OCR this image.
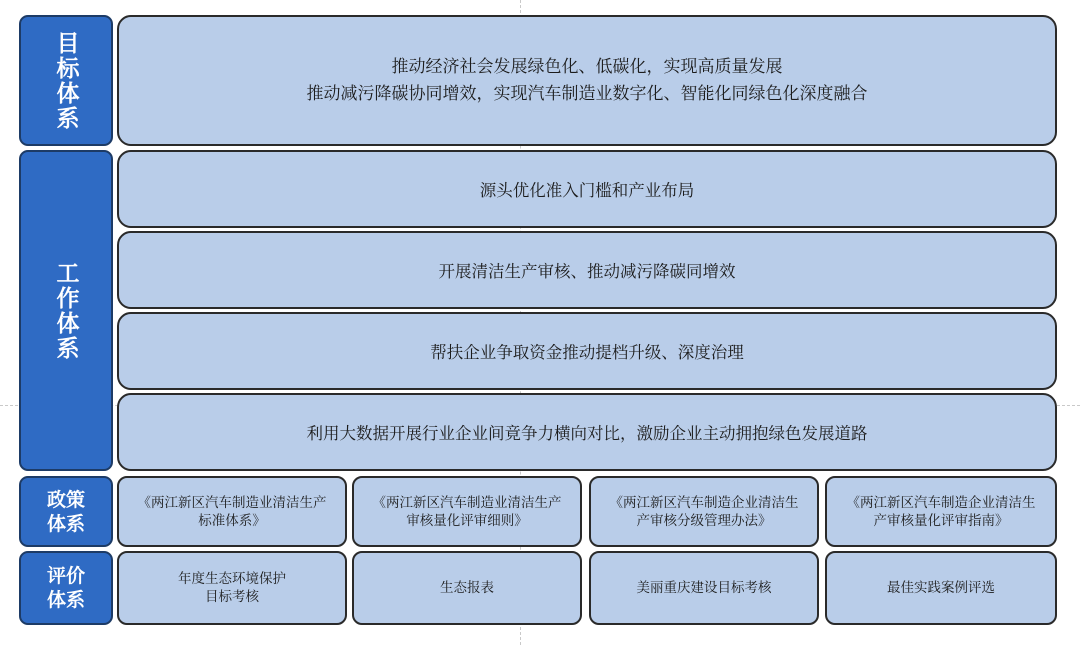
目标体系
工作体系
政策
体系
评价
体系
推动经济社会发展绿色化、低碳化，实现高质量发展
推动减污降碳协同增效，实现汽车制造业数字化、智能化同绿色化深度融合
源头优化准入门槛和产业布局
开展清洁生产审核、推动减污降碳同增效
帮扶企业争取资金推动提档升级、深度治理
利用大数据开展行业企业间竟争力横向对比，激励企业主动拥抱绿色发展道路
《两江新区汽车制造业清洁生产标准体系》
《两江新区汽车制造业清洁生产审核量化评审细则》
《两江新区汽车制造企业清洁生产审核分级管理办法》
《两江新区汽车制造企业清洁生产审核量化评审指南》
年度生态环境保护
目标考核
生态报表	美丽重庆建设目标考核	最佳实践案例评选
